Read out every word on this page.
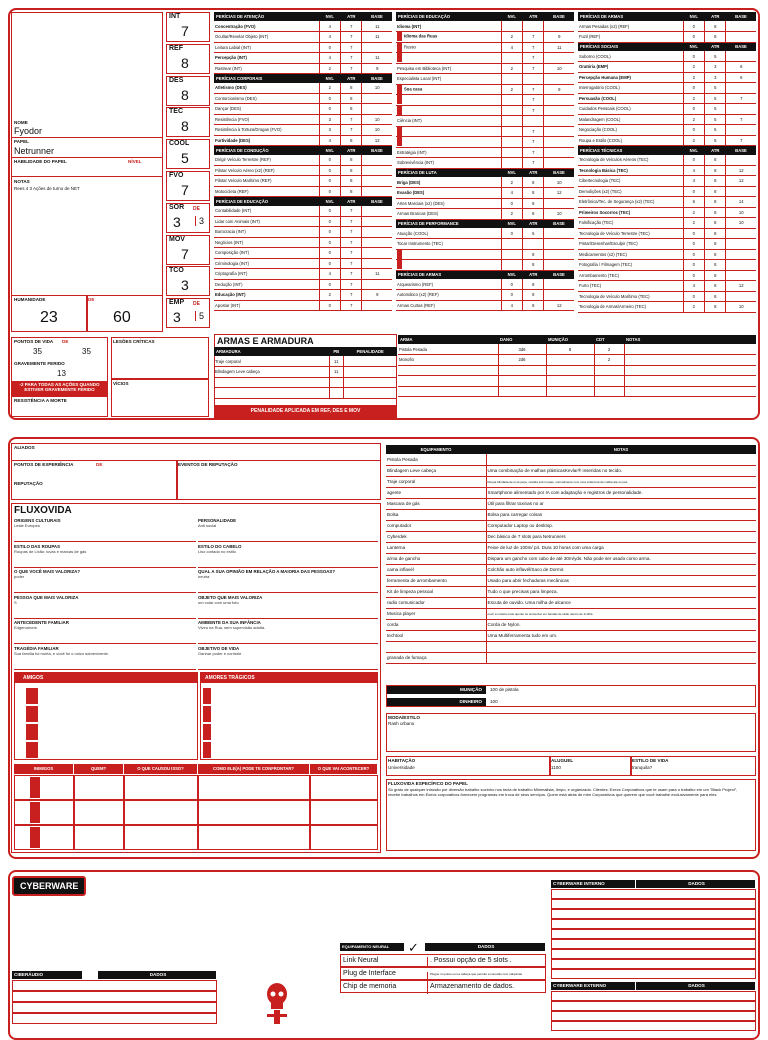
NOME
Fyodor
PAPEL
Netrunner
HABILIDADE DO PAPEL	NÍVEL
NOTAS
Rees 4 3 Ações de turno de NET
INT
7
REF
8
DES
8
TEC
8
COOL
5
FVO
7
SOR
3
DE
3
MOV
7
TCO
3
EMP
3
DE
5
HUMANIDADE	DE
23	60
PONTOS DE VIDA DE
35	35
GRAVEMENTE FERIDO
13
-2 PARA TODAS AS AÇÕES QUANDO ESTIVER GRAVEMENTE FERIDO
RESISTÊNCIA A MORTE
LESÕES CRÍTICAS
VÍCIOS
PERÍCIAS DE ATENÇÃO	NVL	ATR	BASE
Concentração (FVO)	4	7	11
Ocultar/Revelar Objeto (INT)	4	7	11
Leitura Labial (INT)	0	7	
Percepção (INT)	4	7	11
Rastrear (INT)	2	7	9
PERÍCIAS CORPORAIS	NVL	ATR	BASE
Atletismo (DES)	2	8	10
Contorcionismo (DES)	0	8	
Dançar (DES)	0	8	
Resistência (FVO)	3	7	10
Resistência à Tortura/Drogas (FVO)	3	7	10
Furtividade (DES)	4	8	12
PERÍCIAS DE CONDUÇÃO	NVL	ATR	BASE
Dirigir Veículo Terrestre (REF)	0	8	
Pilotar Veículo Aéreo (x2) (REF)	0	8	
Pilotar Veículo Marítimo (REF)	0	8	
Motocicleta (REF)	0	8	
PERÍCIAS DE EDUCAÇÃO	NVL	ATR	BASE
Contabilidade (INT)	0	7	
Lidar com Animais (INT)	0	7	
Burocracia (INT)	0	7	
Negócios (INT)	0	7	
Composição (INT)	0	7	
Criminologia (INT)	0	7	
Criptografia (INT)	4	7	11
Dedução (INT)	0	7	
Educação (INT)	2	7	9
Apostar (INT)	0	7	
PERÍCIAS DE EDUCAÇÃO	NVL	ATR	BASE
Idioma (INT)			
Idioma das Ruas	2	7	9
Russo	4	7	11
		7	
Pesquisa em Biblioteca (INT)	2	7	10
Especialista Local (INT)			
Sua casa	2	7	9
		7	
		7	
Ciência (INT)			
		7	
		7	
Estratégia (INT)		7	
Sobrevivência (INT)		7	
PERÍCIAS DE LUTA	NVL	ATR	BASE
Briga (DES)	2	8	10
Evasão (DES)	4	8	12
Artes Marciais (x2) (DES)	0	8	
Armas Brancas (DES)	2	8	10
PERÍCIAS DE PERFORMANCE	NVL	ATR	BASE
Atuação (COOL)	0	5	
Tocar Instrumento (TEC)			
		8	
		8	
PERÍCIAS DE ARMAS	NVL	ATR	BASE
Arquearismo (REF)	0	8	
Automático (x2) (REF)	0	8	
Armas Curtas (REF)	4	8	12
PERÍCIAS DE ARMAS	NVL	ATR	BASE
Armas Pesadas (x2) (REF)	0	8	
Fuzil (REF)	0	8	
PERÍCIAS SOCIAIS	NVL	ATR	BASE
Suborno (COOL)	0	5	
Oratória (EMP)	2	3	6
Percepção Humana (EMP)	2	3	6
Interrogatório (COOL)	0	5	
Persuasão (COOL)	2	5	7
Cuidados Pessoais (COOL)	0	5	
Malandragem (COOL)	2	5	7
Negociação (COOL)	0	5	
Roupa e Estilo (COOL)	2	5	7
PERÍCIAS TÉCNICAS	NVL	ATR	BASE
Tecnologia de Veículos Aéreos (TEC)	0	8	
Tecnologia Básica (TEC)	4	8	12
Cibertecnologia (TEC)	4	8	12
Demolições (x2) (TEC)	0	8	
Eletrônica/Tec. de Segurança (x2) (TEC)	6	8	14
Primeiros Socorros (TEC)	2	8	10
Falsificação (TEC)	2	8	10
Tecnologia de Veículo Terrestre (TEC)	0	8	
Pintar/Desenhar/Esculpir (TEC)	0	8	
Medicamentos (x2) (TEC)	0	8	
Fotografia / Filmagem (TEC)	0	8	
Arrombamento (TEC)	0	8	
Furto (TEC)	4	8	12
Tecnologia de Veículo Marítimo (TEC)	0	8	
Tecnologia de Armas/Armeiro (TEC)	2	8	10
ARMAS E ARMADURA
ARMADURA	PB	PENALIDADE
Traje corporal	11	
Blindagem Leve cabeça	11	

PENALIDADE APLICADA EM REF, DES E MOV
ARMA	DANO	MUNIÇÃO	CDT	NOTAS
Pistola Pesada	3d6	8	2	
Monofio	2d6		2	

ALIADOS
PONTOS DE EXPERIÊNCIA	DE	EVENTOS DE REPUTAÇÃO
REPUTAÇÃO
FLUXOVIDA
ORIGENS CULTURAIS
Leste Europeu
PERSONALIDADE
Anti social
ESTILO DAS ROUPAS
Roupas de Lixão: luvas e marcas de gás
ESTILO DO CABELO
Liso cortado no estilo
O QUE VOCÊ MAIS VALORIZA?
poder
QUAL A SUA OPINIÃO EM RELAÇÃO A MAIORIA DAS PESSOAS?
neutra
PESSOA QUE MAIS VALORIZA
S
OBJETO QUE MAIS VALORIZA
um colar com uma foto
ANTECEDENTE FAMILIAR
Edgerunners
AMBIENTE DA SUA INFÂNCIA
Viveu na Rua, sem supervisão adulta.
TRAGÉDIA FAMILIAR
Sua família foi morta, e você foi o único sobrevivente.
OBJETIVO DE VIDA
Ganhar poder e controle
AMIGOS	AMORES TRÁGICOS
INIMIGOS	QUEM?	O QUE CAUSOU ISSO?	COMO ELE(A) PODE TE CONFRONTAR?	O QUE VAI ACONTECER?
EQUIPAMENTO	NOTAS
Pistola Pesada	
Blindagem Leve cabeça	Uma combinação de malhas plásticasKevlar® inseridas no tecido.
Traje corporal	Roupa blindada de uma peça, vestida sob roupas, normalmente com uma cobertura de malha até os pés.
agente	Smartphone alimentado por IA com adaptação e registros de personalidade.
Mascara de gás	Útil para filtrar toxinas no ar
Bolsa	Bolsa para carregar coisas
computador	Computador Laptop ou desktop.
Cyberdek	Dec básico de 7 slots para Netrunners
Lanterna	Feixe de luz de 100m/ p4. Dura 10 horas com uma carga
arma de gancho	Dispara um gancho com cabo de até 30m/yds. Não pode ser usado como arma.
cama inflavél	Colchão auto inflavél/Saco de Dormir.
ferramenta de arrombamento	Usado para abrir fechaduras mecânicas
Kit de limpeza pessoal	Tudo o que precisas para limpeza.
radio comunicador	Escuta de ouvido. Uma milha de alcance
Musica player	ouvir a música mais quente ou sintonizar em bandas de rádio dentro de 1milha.
corda	Corda de Nylon.
techtool	Uma Multiferramenta tudo em um.

granada de fumaça	
MUNIÇÃO	100 de pistola
DINHEIRO	100
MODA/ESTILO
Rash urbano
HABITAÇÃO
Universidade
ALUGUEL
1100
ESTILO DE VIDA
tranquila?
FLUXOVIDA ESPECÍFICO DO PAPEL
Só grato de qualquer intrusão por diversão trabalho sozinho nos tecla de trabalho Minimalista, limpo, e organizado. Clientes: Execs Corporativos que te usam para o trabalho em um "Black Project", recebe trabalhos em Execs corporativos fornecem programas em troca de seus serviços. Quem está atrás de mim Corporativos que querem que você trabalhe exclusivamente para eles.
CYBERWARE	CYBERWARE INTERNO	DADOS
CYBERWARE EXTERNO	DADOS
CIBERÁUDIO	DADOS
EQUIPAMENTO NEURAL	✓	DADOS
Link Neural	. Possui opção de 5 slots .
Plug de Interface	Plugue no pulso ou na cabeça que permite a conexão com máquinas
Chip de memoria	Armazenamento de dados.
